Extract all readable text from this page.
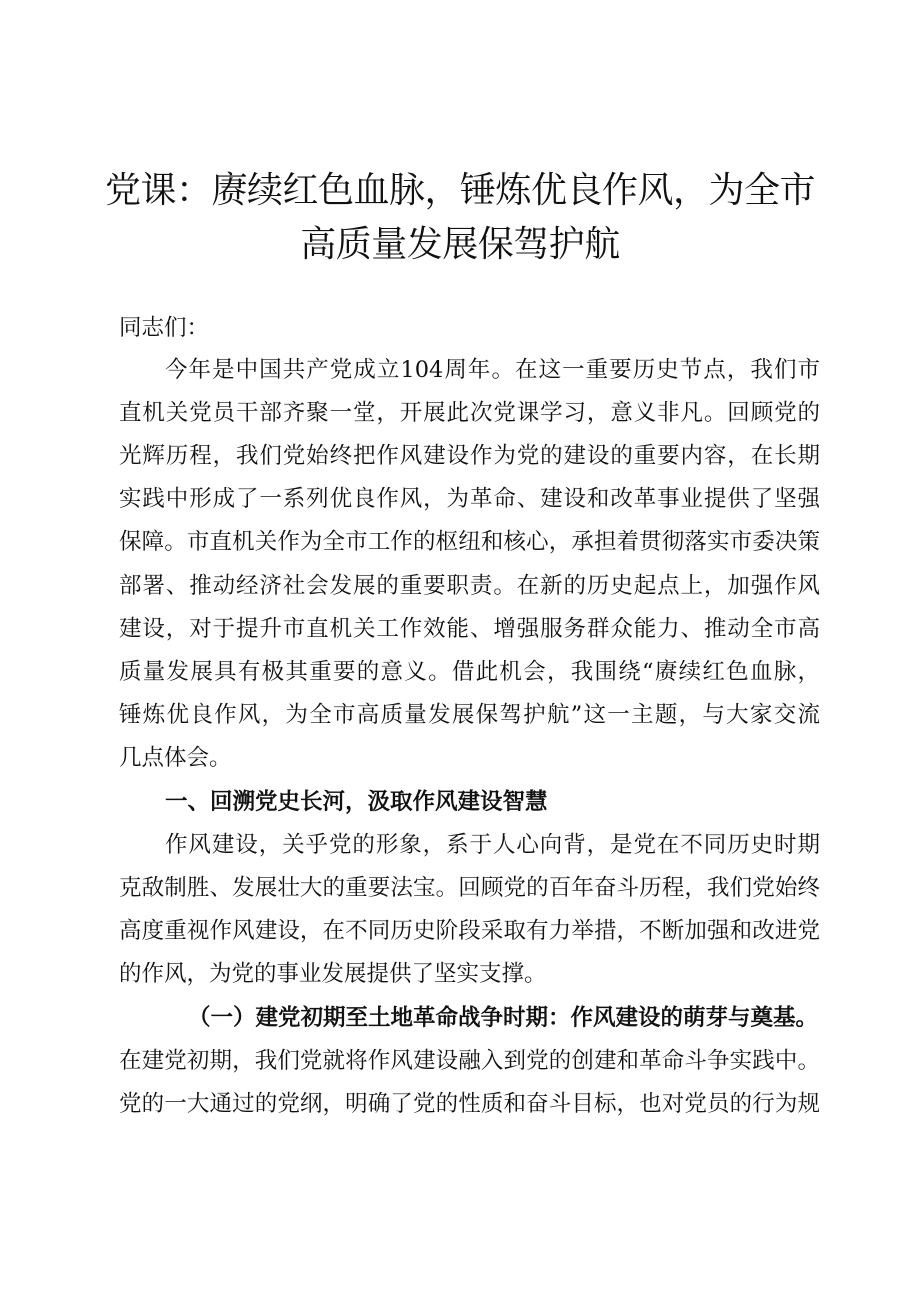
党课：赓续红色血脉，锤炼优良作风，为全市
高质量发展保驾护航
同志们：
今年是中国共产党成立104周年。在这一重要历史节点，我们市
直机关党员干部齐聚一堂，开展此次党课学习，意义非凡。回顾党的
光辉历程，我们党始终把作风建设作为党的建设的重要内容，在长期
实践中形成了一系列优良作风，为革命、建设和改革事业提供了坚强
保障。市直机关作为全市工作的枢纽和核心，承担着贯彻落实市委决策
部署、推动经济社会发展的重要职责。在新的历史起点上，加强作风
建设，对于提升市直机关工作效能、增强服务群众能力、推动全市高
质量发展具有极其重要的意义。借此机会，我围绕“赓续红色血脉，
锤炼优良作风，为全市高质量发展保驾护航”这一主题，与大家交流
几点体会。
一、回溯党史长河，汲取作风建设智慧
作风建设，关乎党的形象，系于人心向背，是党在不同历史时期
克敌制胜、发展壮大的重要法宝。回顾党的百年奋斗历程，我们党始终
高度重视作风建设，在不同历史阶段采取有力举措，不断加强和改进党
的作风，为党的事业发展提供了坚实支撑。
（一）建党初期至土地革命战争时期：作风建设的萌芽与奠基。
在建党初期，我们党就将作风建设融入到党的创建和革命斗争实践中。
党的一大通过的党纲，明确了党的性质和奋斗目标，也对党员的行为规
